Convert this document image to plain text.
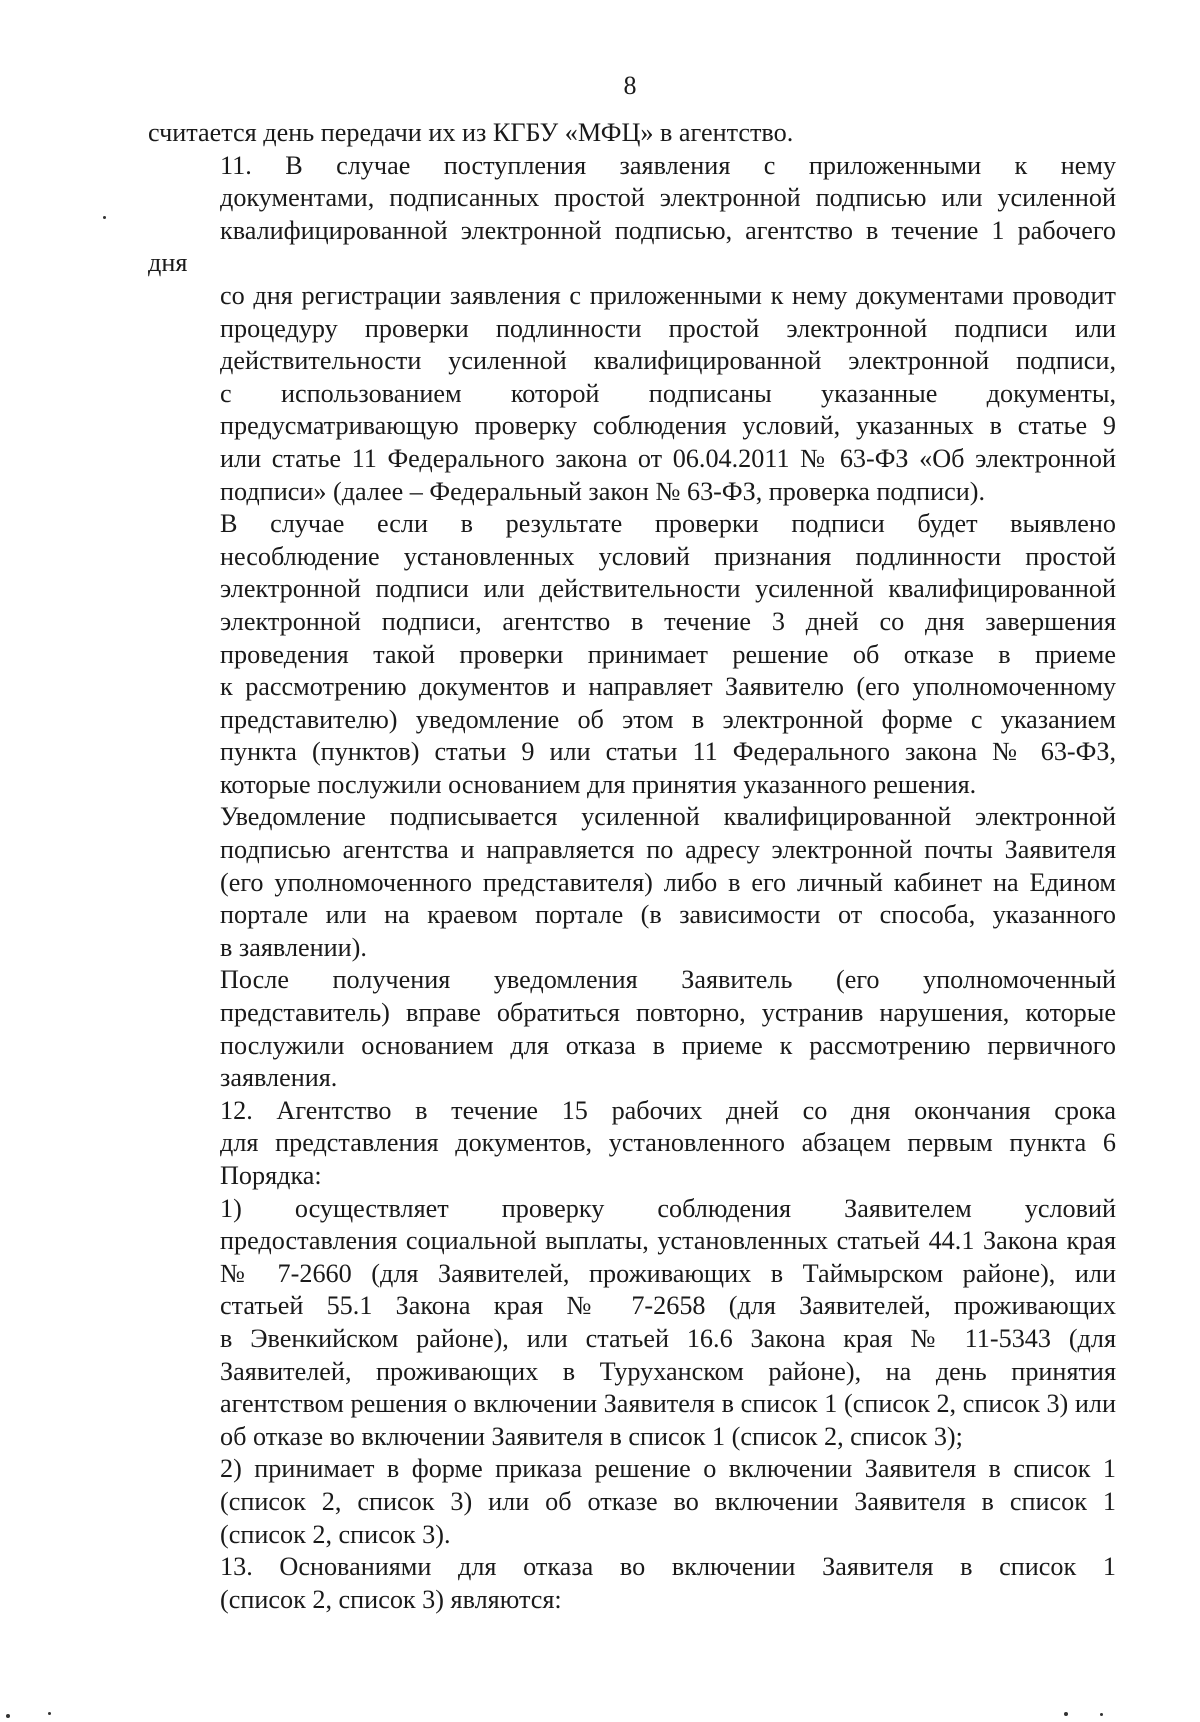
8

считается день передачи их из КГБУ «МФЦ» в агентство.

11. В случае поступления заявления с приложенными к нему
документами, подписанных простой электронной подписью или усиленной
квалифицированной электронной подписью, агентство в течение 1 рабочего дня
со дня регистрации заявления с приложенными к нему документами проводит
процедуру проверки подлинности простой электронной подписи или
действительности усиленной квалифицированной электронной подписи,
с использованием которой подписаны указанные документы,
предусматривающую проверку соблюдения условий, указанных в статье 9
или статье 11 Федерального закона от 06.04.2011 № 63-ФЗ «Об электронной
подписи» (далее – Федеральный закон № 63-ФЗ, проверка подписи).

В случае если в результате проверки подписи будет выявлено
несоблюдение установленных условий признания подлинности простой
электронной подписи или действительности усиленной квалифицированной
электронной подписи, агентство в течение 3 дней со дня завершения
проведения такой проверки принимает решение об отказе в приеме
к рассмотрению документов и направляет Заявителю (его уполномоченному
представителю) уведомление об этом в электронной форме с указанием
пункта (пунктов) статьи 9 или статьи 11 Федерального закона № 63-ФЗ,
которые послужили основанием для принятия указанного решения.

Уведомление подписывается усиленной квалифицированной электронной
подписью агентства и направляется по адресу электронной почты Заявителя
(его уполномоченного представителя) либо в его личный кабинет на Едином
портале или на краевом портале (в зависимости от способа, указанного
в заявлении).

После получения уведомления Заявитель (его уполномоченный
представитель) вправе обратиться повторно, устранив нарушения, которые
послужили основанием для отказа в приеме к рассмотрению первичного
заявления.

12. Агентство в течение 15 рабочих дней со дня окончания срока
для представления документов, установленного абзацем первым пункта 6
Порядка:

1) осуществляет проверку соблюдения Заявителем условий
предоставления социальной выплаты, установленных статьей 44.1 Закона края
№ 7-2660 (для Заявителей, проживающих в Таймырском районе), или
статьей 55.1 Закона края № 7-2658 (для Заявителей, проживающих
в Эвенкийском районе), или статьей 16.6 Закона края № 11-5343 (для
Заявителей, проживающих в Туруханском районе), на день принятия
агентством решения о включении Заявителя в список 1 (список 2, список 3) или
об отказе во включении Заявителя в список 1 (список 2, список 3);

2) принимает в форме приказа решение о включении Заявителя в список 1
(список 2, список 3) или об отказе во включении Заявителя в список 1
(список 2, список 3).

13. Основаниями для отказа во включении Заявителя в список 1
(список 2, список 3) являются:
